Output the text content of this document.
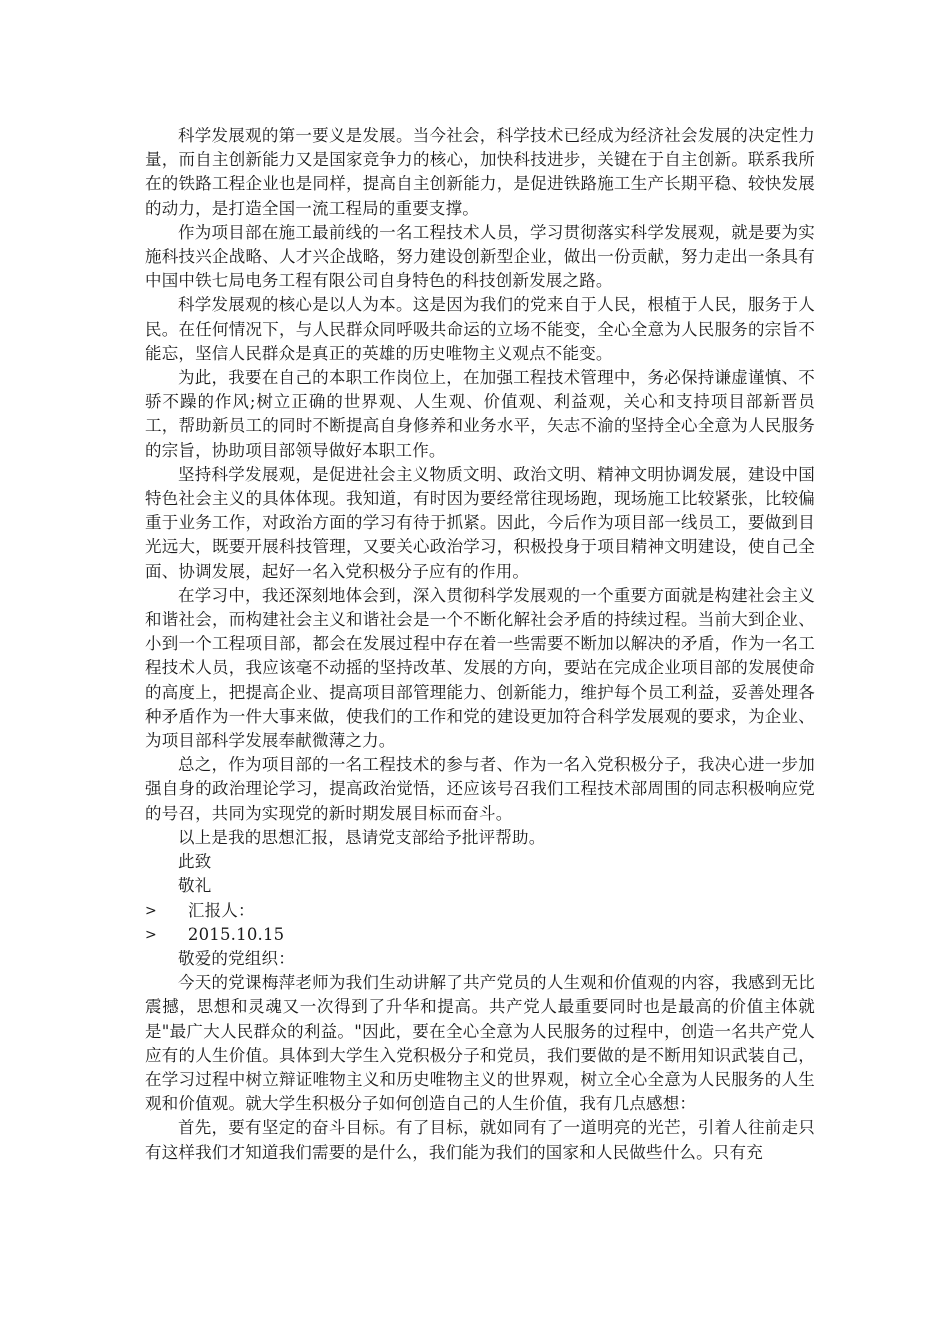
科学发展观的第一要义是发展。当今社会，科学技术已经成为经济社会发展的决定性力量，而自主创新能力又是国家竞争力的核心，加快科技进步，关键在于自主创新。联系我所在的铁路工程企业也是同样，提高自主创新能力，是促进铁路施工生产长期平稳、较快发展的动力，是打造全国一流工程局的重要支撑。

作为项目部在施工最前线的一名工程技术人员，学习贯彻落实科学发展观，就是要为实施科技兴企战略、人才兴企战略，努力建设创新型企业，做出一份贡献，努力走出一条具有中国中铁七局电务工程有限公司自身特色的科技创新发展之路。

科学发展观的核心是以人为本。这是因为我们的党来自于人民，根植于人民，服务于人民。在任何情况下，与人民群众同呼吸共命运的立场不能变，全心全意为人民服务的宗旨不能忘，坚信人民群众是真正的英雄的历史唯物主义观点不能变。

为此，我要在自己的本职工作岗位上，在加强工程技术管理中，务必保持谦虚谨慎、不骄不躁的作风;树立正确的世界观、人生观、价值观、利益观，关心和支持项目部新晋员工，帮助新员工的同时不断提高自身修养和业务水平，矢志不渝的坚持全心全意为人民服务的宗旨，协助项目部领导做好本职工作。

坚持科学发展观，是促进社会主义物质文明、政治文明、精神文明协调发展，建设中国特色社会主义的具体体现。我知道，有时因为要经常往现场跑，现场施工比较紧张，比较偏重于业务工作，对政治方面的学习有待于抓紧。因此，今后作为项目部一线员工，要做到目光远大，既要开展科技管理，又要关心政治学习，积极投身于项目精神文明建设，使自己全面、协调发展，起好一名入党积极分子应有的作用。

在学习中，我还深刻地体会到，深入贯彻科学发展观的一个重要方面就是构建社会主义和谐社会，而构建社会主义和谐社会是一个不断化解社会矛盾的持续过程。当前大到企业、小到一个工程项目部，都会在发展过程中存在着一些需要不断加以解决的矛盾，作为一名工程技术人员，我应该毫不动摇的坚持改革、发展的方向，要站在完成企业项目部的发展使命的高度上，把提高企业、提高项目部管理能力、创新能力，维护每个员工利益，妥善处理各种矛盾作为一件大事来做，使我们的工作和党的建设更加符合科学发展观的要求，为企业、为项目部科学发展奉献微薄之力。

总之，作为项目部的一名工程技术的参与者、作为一名入党积极分子，我决心进一步加强自身的政治理论学习，提高政治觉悟，还应该号召我们工程技术部周围的同志积极响应党的号召，共同为实现党的新时期发展目标而奋斗。

以上是我的思想汇报，恳请党支部给予批评帮助。

此致

敬礼

> 汇报人：

> 2015.10.15

敬爱的党组织：

今天的党课梅萍老师为我们生动讲解了共产党员的人生观和价值观的内容，我感到无比震撼，思想和灵魂又一次得到了升华和提高。共产党人最重要同时也是最高的价值主体就是"最广大人民群众的利益。"因此，要在全心全意为人民服务的过程中，创造一名共产党人应有的人生价值。具体到大学生入党积极分子和党员，我们要做的是不断用知识武装自己，在学习过程中树立辩证唯物主义和历史唯物主义的世界观，树立全心全意为人民服务的人生观和价值观。就大学生积极分子如何创造自己的人生价值，我有几点感想：

首先，要有坚定的奋斗目标。有了目标，就如同有了一道明亮的光芒，引着人往前走只有这样我们才知道我们需要的是什么，我们能为我们的国家和人民做些什么。只有充
